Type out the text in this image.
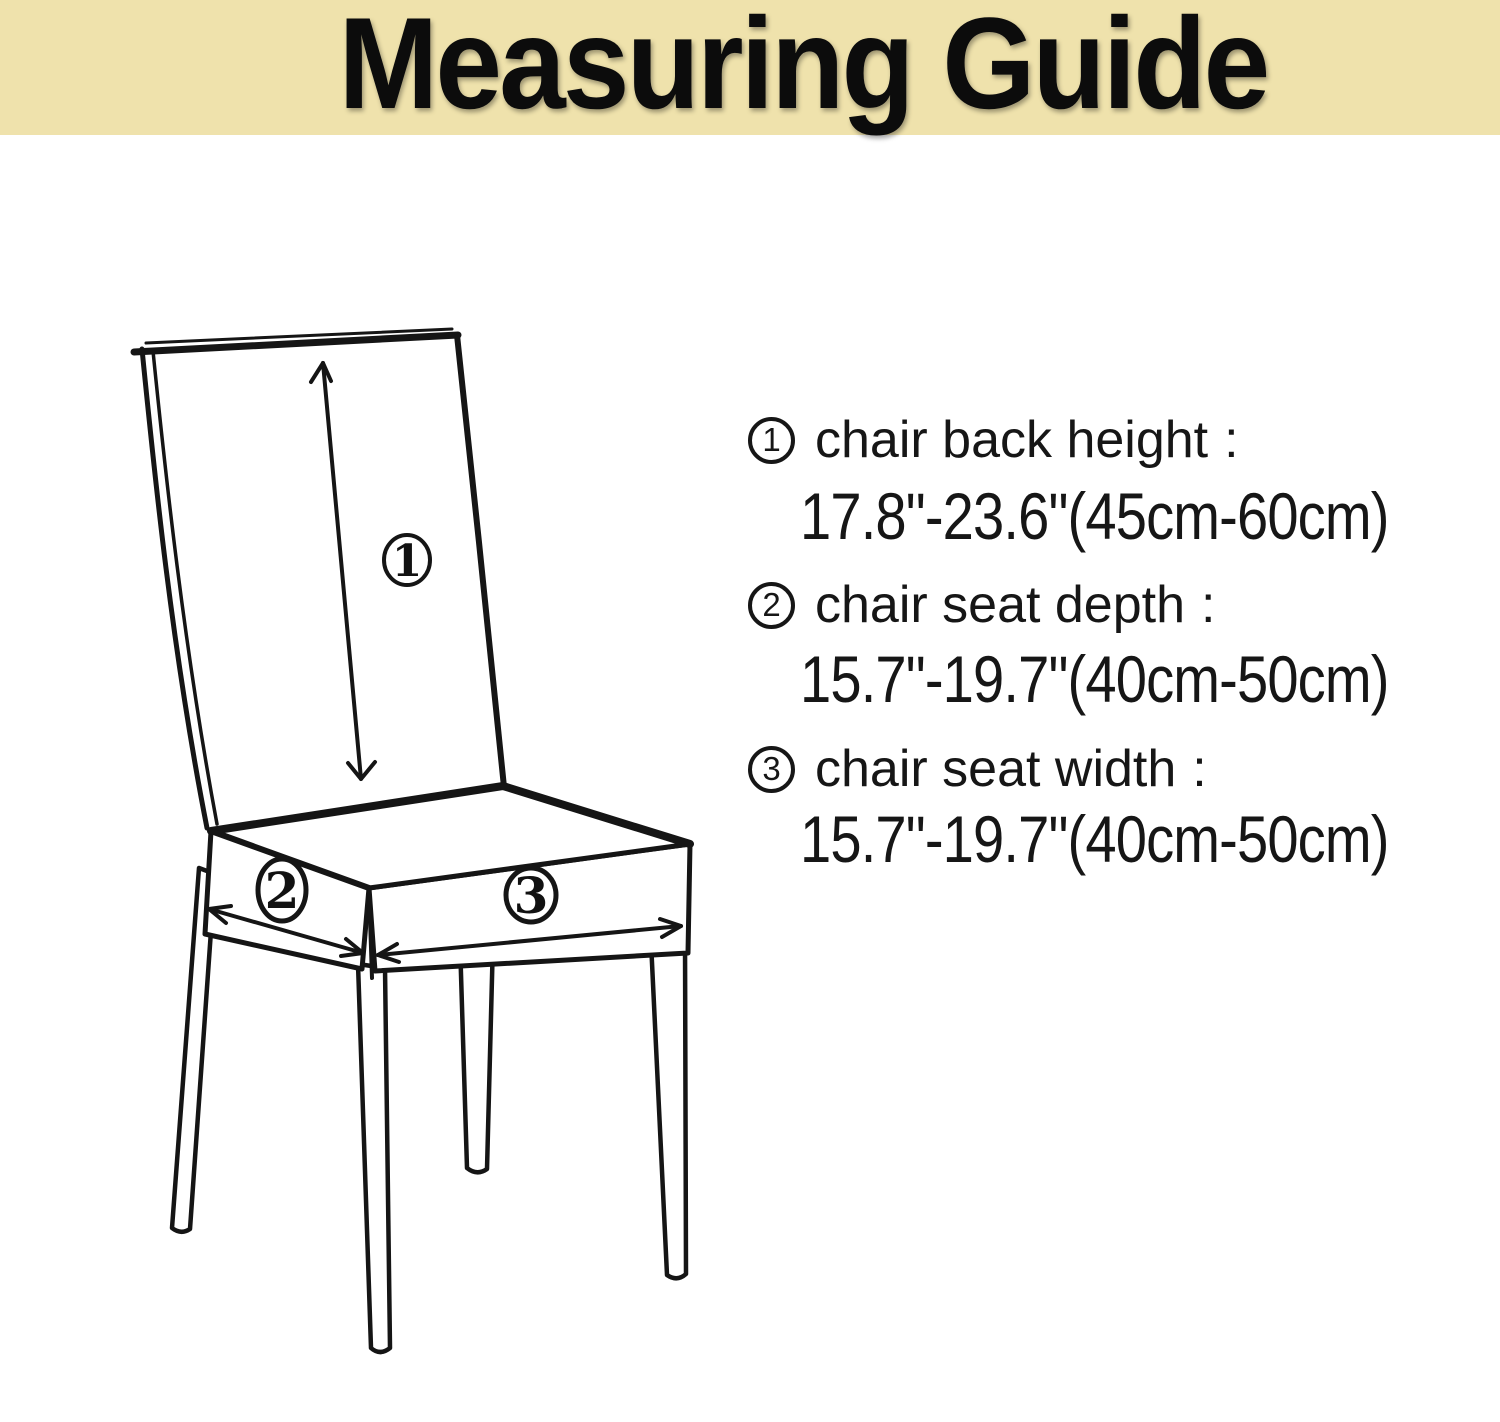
Measuring Guide
1
2	3
1 chair back height :
17.8"-23.6"(45cm-60cm)
2 chair seat depth :
15.7"-19.7"(40cm-50cm)
3 chair seat width :
15.7"-19.7"(40cm-50cm)
